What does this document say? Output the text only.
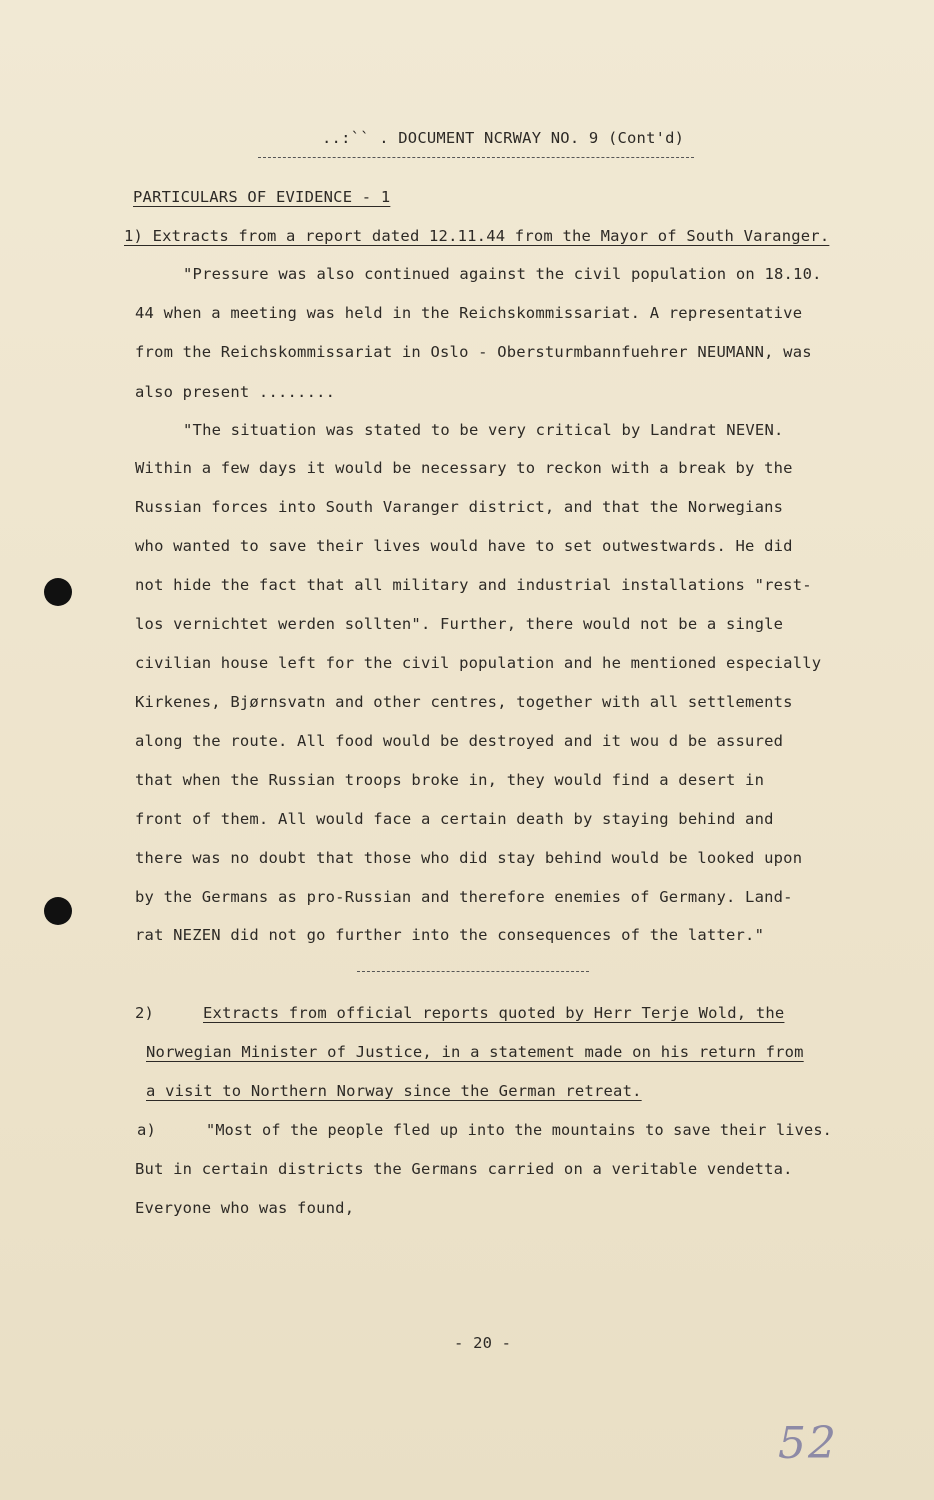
..:`` . DOCUMENT NCRWAY NO. 9 (Cont'd)
PARTICULARS OF EVIDENCE - 1
1) Extracts from a report dated 12.11.44 from the Mayor of South Varanger.
"Pressure was also continued against the civil population on 18.10.
44 when a meeting was held in the Reichskommissariat. A representative
from the Reichskommissariat in Oslo - Obersturmbannfuehrer NEUMANN, was
also present ........
"The situation was stated to be very critical by Landrat NEVEN.
Within a few days it would be necessary to reckon with a break by the
Russian forces into South Varanger district, and that the Norwegians
who wanted to save their lives would have to set outwestwards. He did
not hide the fact that all military and industrial installations "rest-
los vernichtet werden sollten". Further, there would not be a single
civilian house left for the civil population and he mentioned especially
Kirkenes, Bjørnsvatn and other centres, together with all settlements
along the route. All food would be destroyed and it wou d be assured
that when the Russian troops broke in, they would find a desert in
front of them. All would face a certain death by staying behind and
there was no doubt that those who did stay behind would be looked upon
by the Germans as pro-Russian and therefore enemies of Germany. Land-
rat NEZEN did not go further into the consequences of the latter."
2)	Extracts from official reports quoted by Herr Terje Wold, the
Norwegian Minister of Justice, in a statement made on his return from
a visit to Northern Norway since the German retreat.
a)	"Most of the people fled up into the mountains to save their lives.
But in certain districts the Germans carried on a veritable vendetta.
Everyone who was found,
- 20 -
52
